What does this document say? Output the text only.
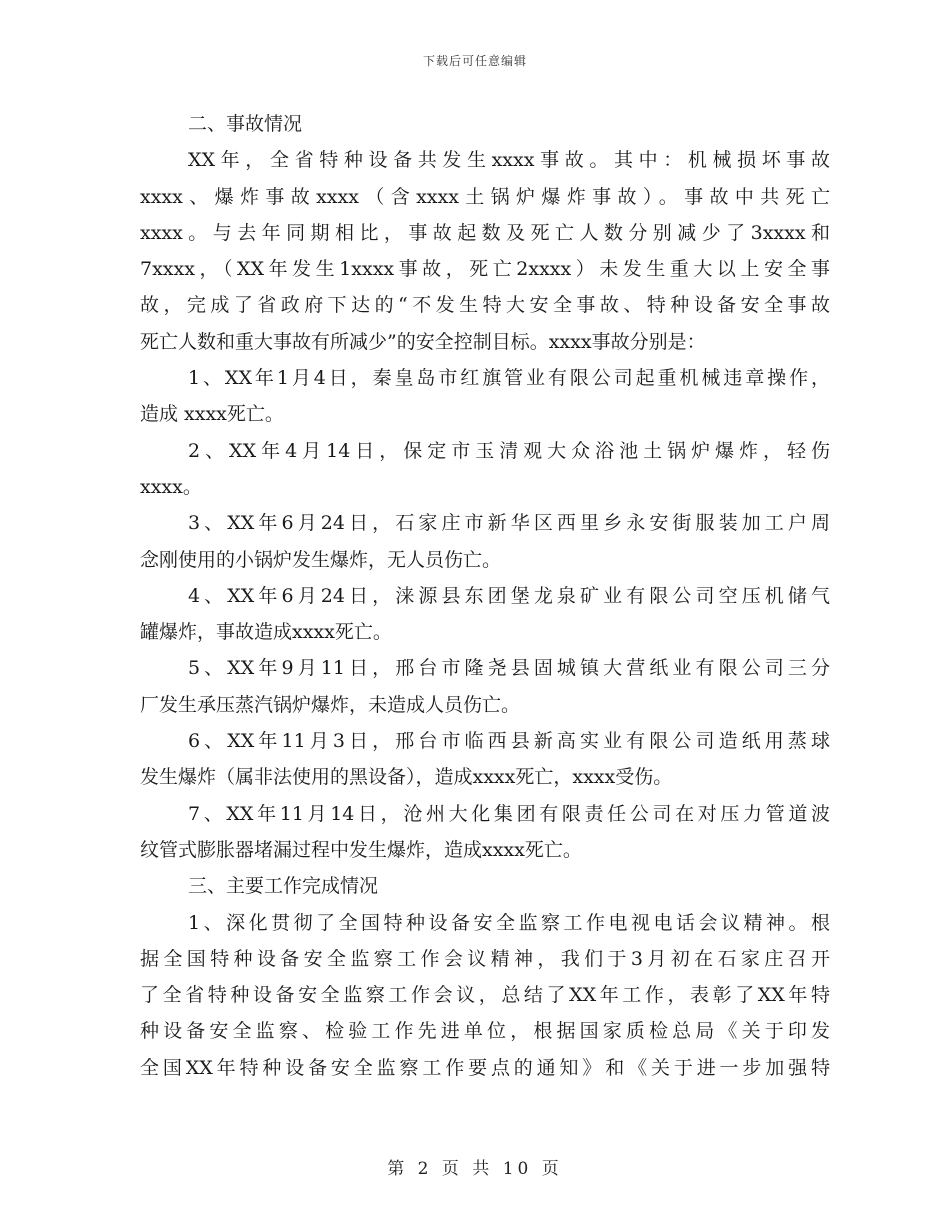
下载后可任意编辑
二、事故情况
XX年，全省特种设备共发生xxxx事故。其中：机械损坏事故
xxxx、爆炸事故xxxx（含xxxx土锅炉爆炸事故）。事故中共死亡
xxxx。与去年同期相比，事故起数及死亡人数分别减少了3xxxx和
7xxxx，（XX年发生1xxxx事故，死亡2xxxx）未发生重大以上安全事
故，完成了省政府下达的“不发生特大安全事故、特种设备安全事故
死亡人数和重大事故有所减少”的安全控制目标。xxxx事故分别是：
1、XX年1月4日，秦皇岛市红旗管业有限公司起重机械违章操作，
造成 xxxx死亡。
2、XX年4月14日，保定市玉清观大众浴池土锅炉爆炸，轻伤
xxxx。
3、XX年6月24日，石家庄市新华区西里乡永安街服装加工户周
念刚使用的小锅炉发生爆炸，无人员伤亡。
4、XX年6月24日，涞源县东团堡龙泉矿业有限公司空压机储气
罐爆炸，事故造成xxxx死亡。
5、XX年9月11日，邢台市隆尧县固城镇大营纸业有限公司三分
厂发生承压蒸汽锅炉爆炸，未造成人员伤亡。
6、XX年11月3日，邢台市临西县新高实业有限公司造纸用蒸球
发生爆炸（属非法使用的黑设备），造成xxxx死亡，xxxx受伤。
7、XX年11月14日，沧州大化集团有限责任公司在对压力管道波
纹管式膨胀器堵漏过程中发生爆炸，造成xxxx死亡。
三、主要工作完成情况
1、深化贯彻了全国特种设备安全监察工作电视电话会议精神。根
据全国特种设备安全监察工作会议精神，我们于3月初在石家庄召开
了全省特种设备安全监察工作会议，总结了XX年工作，表彰了XX年特
种设备安全监察、检验工作先进单位，根据国家质检总局《关于印发
全国XX年特种设备安全监察工作要点的通知》和《关于进一步加强特
第 2 页 共 10 页
